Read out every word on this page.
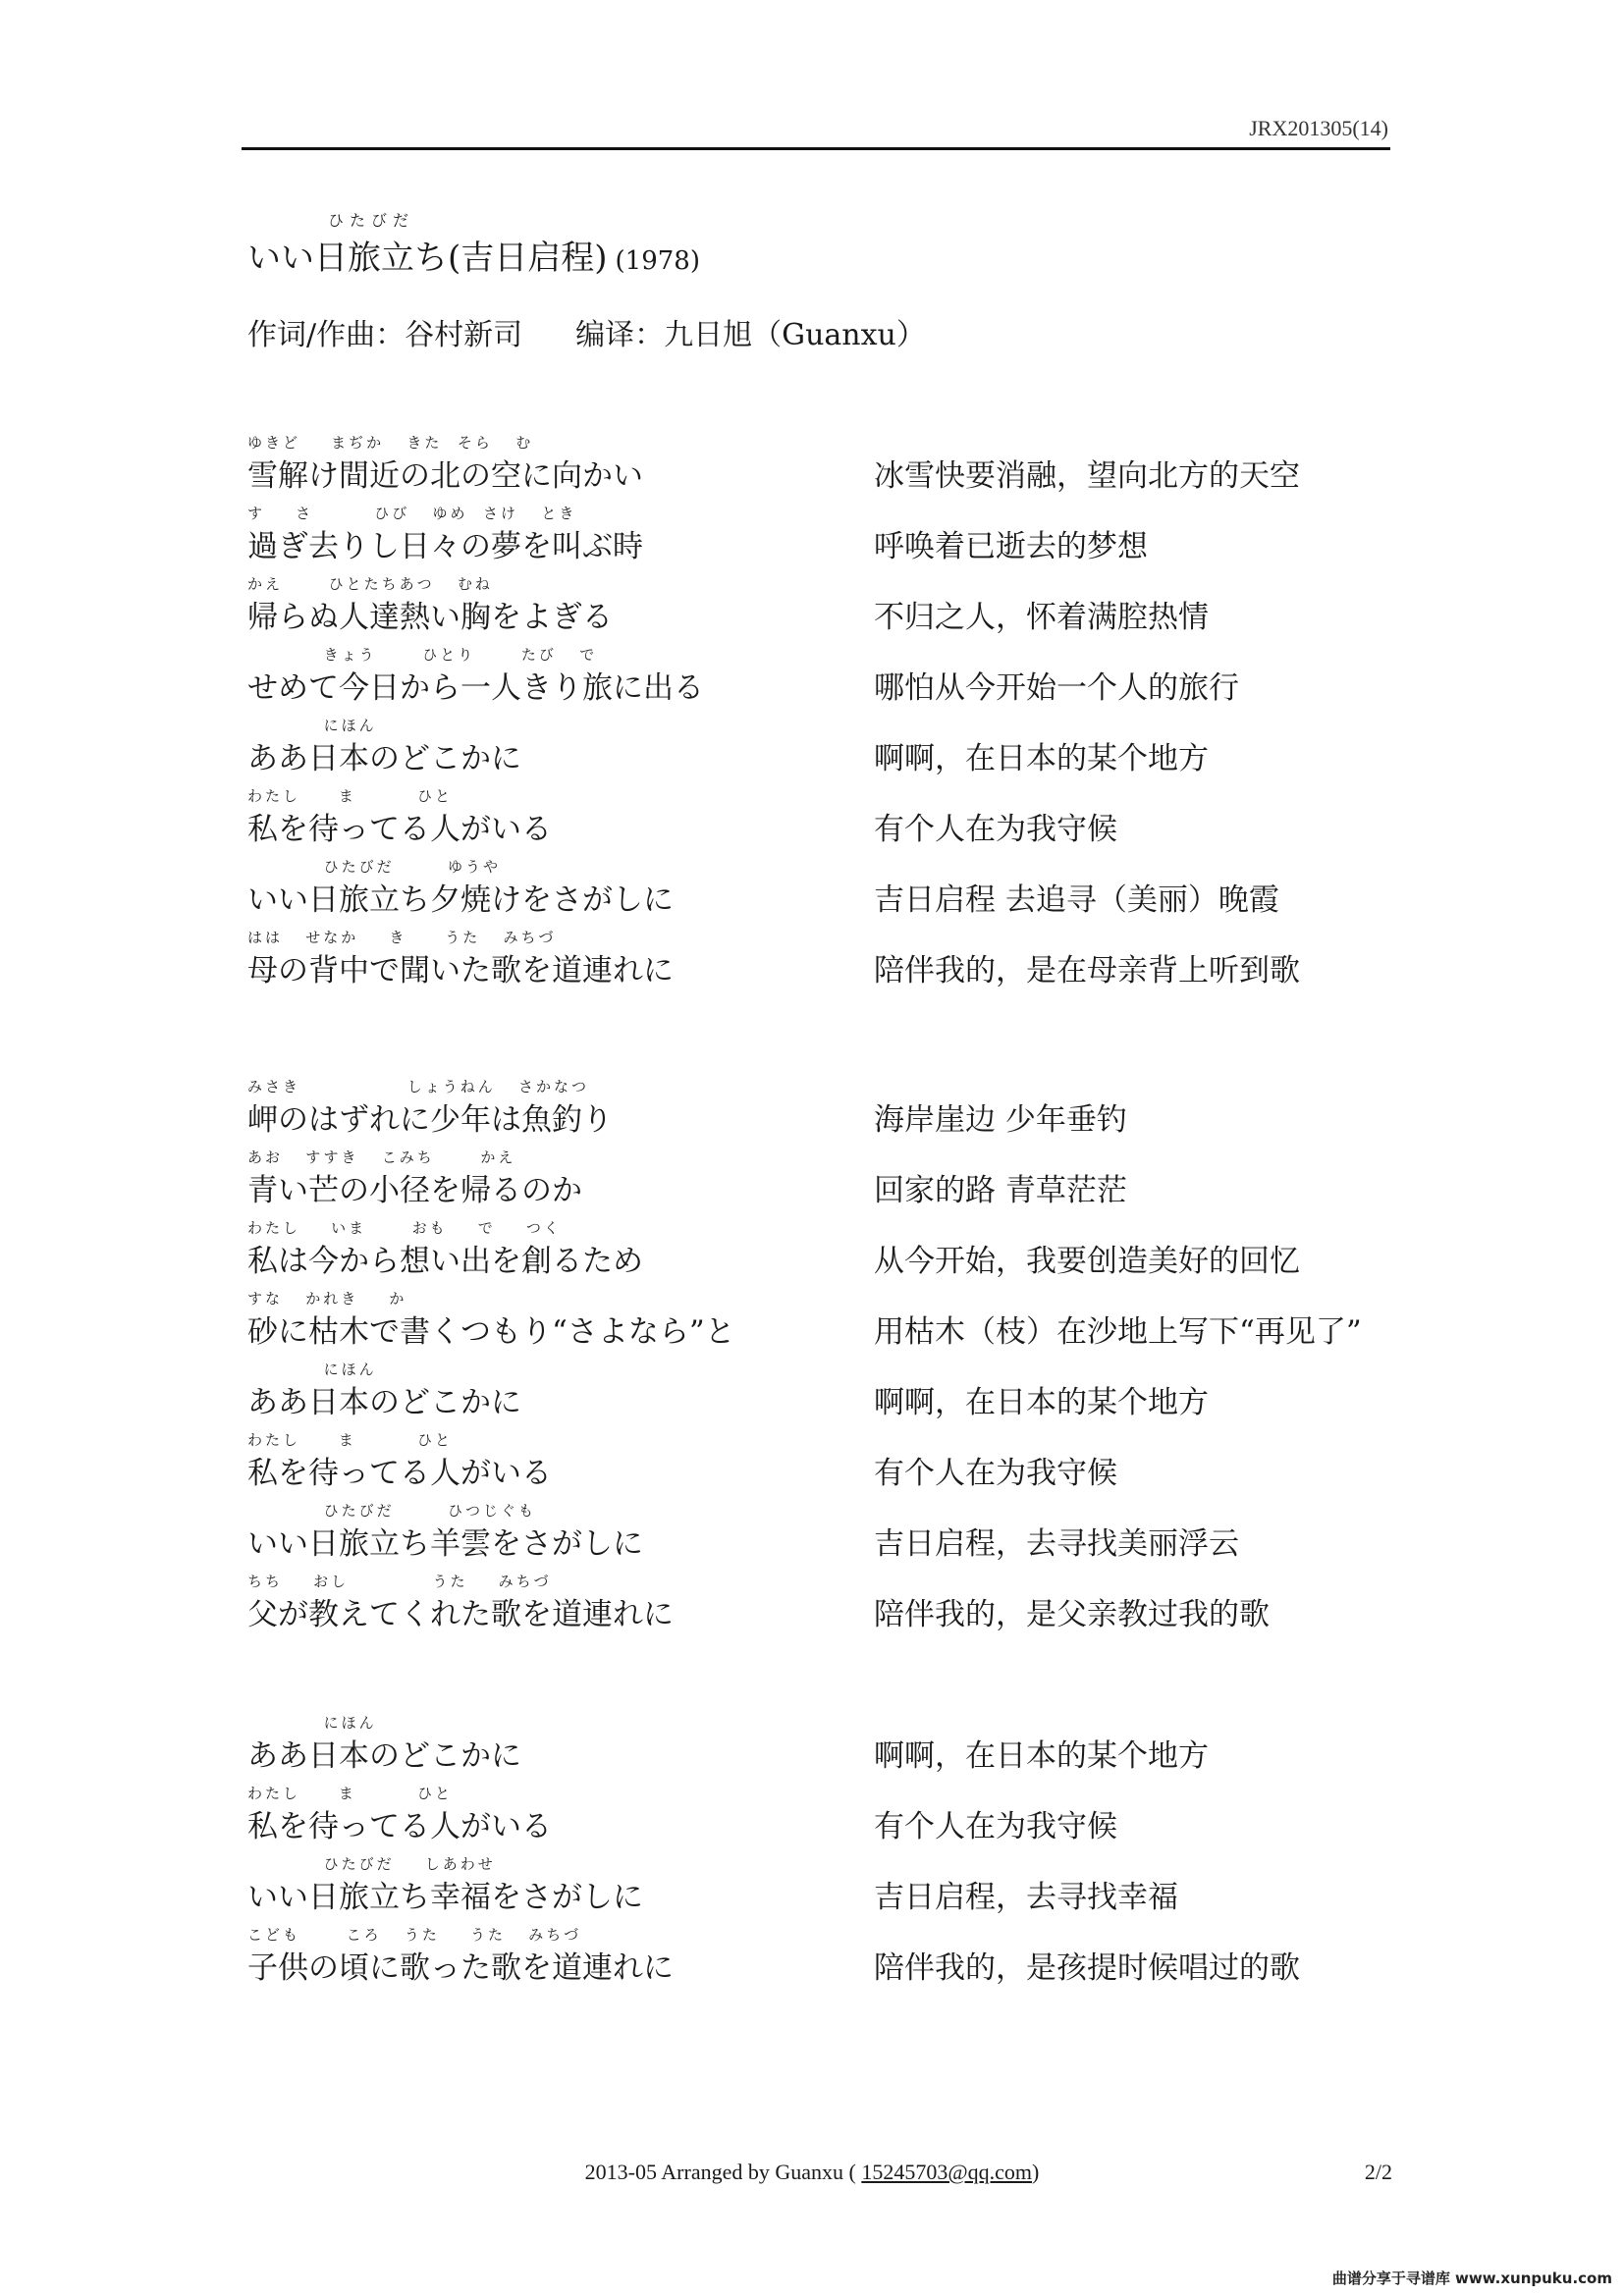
JRX201305(14)
ひたびだ
いい日旅立ち(吉日启程) (1978)
作词/作曲：谷村新司 编译：九日旭（Guanxu）
ゆきど    まぢか   きた  そら   む
雪解け間近の北の空に向かい	冰雪快要消融，望向北方的天空
す    さ        ひび   ゆめ  さけ   とき
過ぎ去りし日々の夢を叫ぶ時	呼唤着已逝去的梦想
かえ      ひとたちあつ   むね
帰らぬ人達熱い胸をよぎる	不归之人，怀着满腔热情
きょう      ひとり      たび   で
せめて今日から一人きり旅に出る	哪怕从今开始一个人的旅行
にほん
ああ日本のどこかに	啊啊，在日本的某个地方
わたし     ま        ひと
私を待ってる人がいる	有个人在为我守候
ひたびだ       ゆうや
いい日旅立ち夕焼けをさがしに	吉日启程 去追寻（美丽）晚霞
はは   せなか    き     うた   みちづ
母の背中で聞いた歌を道連れに	陪伴我的，是在母亲背上听到歌
みさき              しょうねん   さかなつ
岬のはずれに少年は魚釣り	海岸崖边 少年垂钓
あお   すすき   こみち      かえ
青い芒の小径を帰るのか	回家的路 青草茫茫
わたし    いま      おも    で    つく
私は今から想い出を創るため	从今开始，我要创造美好的回忆
すな   かれき    か
砂に枯木で書くつもり“さよなら”と	用枯木（枝）在沙地上写下“再见了”
にほん
ああ日本のどこかに	啊啊，在日本的某个地方
わたし     ま        ひと
私を待ってる人がいる	有个人在为我守候
ひたびだ       ひつじぐも
いい日旅立ち羊雲をさがしに	吉日启程，去寻找美丽浮云
ちち    おし           うた    みちづ
父が教えてくれた歌を道連れに	陪伴我的，是父亲教过我的歌
にほん
ああ日本のどこかに	啊啊，在日本的某个地方
わたし     ま        ひと
私を待ってる人がいる	有个人在为我守候
ひたびだ    しあわせ
いい日旅立ち幸福をさがしに	吉日启程，去寻找幸福
こども      ころ   うた    うた   みちづ
子供の頃に歌った歌を道連れに	陪伴我的，是孩提时候唱过的歌
2013-05 Arranged by Guanxu ( 15245703@qq.com)	2/2
曲谱分享于寻谱库 www.xunpuku.com
